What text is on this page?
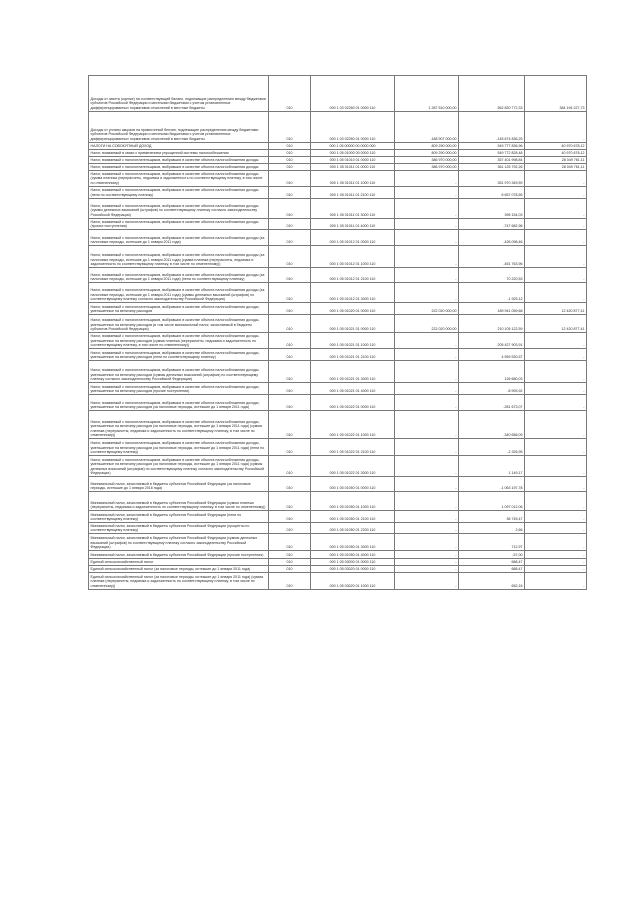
Доходы от зачета (оценке) на соответствующий баланс, подлежащие распределению между бюджетами субъектов Российской Федерации и местными бюджетами с учетом установленных дифференцированных нормативов отчислений в местные бюджеты	010	000 1 03 02260 01 0000 110	1 287 510 000,00	562 820 772,33	384 194 227,73
Доходы от уплаты акцизов на прямогонный бензин, подлежащие распределению между бюджетами субъектов Российской Федерации и местными бюджетами с учетом установленных дифференцированных нормативов отчислений в местные бюджеты	010	000 1 03 02260 01 0000 110	-188 907 000,00	-145 674 836,25	-
НАЛОГИ НА СОВОКУПНЫЙ ДОХОД	010	000 1 05 00000 00 0000 000	809 290 000,00	549 777 836,96	40 970 678,12
Налог, взимаемый в связи с применением упрощенной системы налогообложения	010	000 1 05 01000 00 0000 110	809 290 000,00	549 772 828,48	40 970 678,12
Налог, взимаемый с налогоплательщиков, выбравших в качестве объекта налогообложения доходы	010	000 1 05 01010 01 0000 110	386 970 000,00	357 401 998,84	28 049 761,11
Налог, взимаемый с налогоплательщиков, выбравших в качестве объекта налогообложения доходы	010	000 1 05 01011 01 0000 110	386 970 000,00	361 125 792,26	28 049 761,11
Налог, взимаемый с налогоплательщиков, выбравших в качестве объекта налогообложения доходы (сумма платежа (перерасчеты, недоимка и задолженность по соответствующему платежу, в том числе по отмененному)	010	000 1 05 01011 01 1000 110	-	351 970 349,59	-
Налог, взимаемый с налогоплательщиков, выбравших в качестве объекта налогообложения доходы (пени по соответствующему платежу)	010	000 1 05 01011 01 2100 110	-	6 657 078,55	-
Налог, взимаемый с налогоплательщиков, выбравших в качестве объекта налогообложения доходы (суммы денежных взысканий (штрафов) по соответствующему платежу согласно законодательству Российской Федерации)	010	000 1 05 01011 01 3000 110	-	395 154,03	-
Налог, взимаемый с налогоплательщиков, выбравших в качестве объекта налогообложения доходы (прочие поступления)	010	000 1 05 01011 01 4000 110	-	-747 682,96	-
Налог, взимаемый с налогоплательщиков, выбравших в качестве объекта налогообложения доходы (за налоговые периоды, истекшие до 1 января 2011 года)	010	000 1 05 01012 01 0000 110	-	-426 098,46	-
Налог, взимаемый с налогоплательщиков, выбравших в качестве объекта налогообложения доходы (за налоговые периоды, истекшие до 1 января 2011 года) (сумма платежа (перерасчеты, недоимка и задолженность по соответствующему платежу, в том числе по отмененному))	010	000 1 05 01012 01 1000 110	-	-451 763,96	-
Налог, взимаемый с налогоплательщиков, выбравших в качестве объекта налогообложения доходы (за налоговые периоды, истекшие до 1 января 2011 года) (пени по соответствующему платежу)	010	000 1 05 01012 01 2100 110	-	70 220,53	-
Налог, взимаемый с налогоплательщиков, выбравших в качестве объекта налогообложения доходы (за налоговые периоды, истекшие до 1 января 2011 года) (суммы денежных взысканий (штрафов) по соответствующему платежу согласно законодательству Российской Федерации)	010	000 1 05 01012 01 3000 110	-	-1 925,12	-
Налог, взимаемый с налогоплательщиков, выбравших в качестве объекта налогообложения доходы, уменьшенные на величину расходов	010	000 1 05 01020 01 0000 110	222 020 000,00	189 941 059,68	12 420 877,41
Налог, взимаемый с налогоплательщиков, выбравших в качестве объекта налогообложения доходы, уменьшенные на величину расходов (в том числе минимальный налог, зачисляемый в бюджеты субъектов Российской Федерации)	010	000 1 05 01021 01 0000 110	222 020 000,00	210 105 122,59	12 420 877,41
Налог, взимаемый с налогоплательщиков, выбравших в качестве объекта налогообложения доходы, уменьшенные на величину расходов (сумма платежа (перерасчеты, недоимка и задолженность по соответствующему платежу, в том числе по отмененному))	010	000 1 05 01021 01 1000 110	-	205 427 903,91	-
Налог, взимаемый с налогоплательщиков, выбравших в качестве объекта налогообложения доходы, уменьшенные на величину расходов (пени по соответствующему платежу)	010	000 1 05 01021 01 2100 110	-	4 559 530,57	-
Налог, взимаемый с налогоплательщиков, выбравших в качестве объекта налогообложения доходы, уменьшенные на величину расходов (суммы денежных взысканий (штрафов) по соответствующему платежу согласно законодательству Российской Федерации)	010	000 1 05 01021 01 3000 110	-	126 680,03	-
Налог, взимаемый с налогоплательщиков, выбравших в качестве объекта налогообложения доходы, уменьшенные на величину расходов (прочие поступления)	010	000 1 05 01021 01 4000 110	-	-8 993,92	-
Налог, взимаемый с налогоплательщиков, выбравших в качестве объекта налогообложения доходы, уменьшенные на величину расходов (за налоговые периоды, истекшие до 1 января 2011 года)	010	000 1 05 01022 01 0000 110	-	-281 673,07	-
Налог, взимаемый с налогоплательщиков, выбравших в качестве объекта налогообложения доходы, уменьшенные на величину расходов (за налоговые периоды, истекшие до 1 января 2011 года) (сумма платежа (перерасчеты, недоимка и задолженность по соответствующему платежу, в том числе по отмененному))	010	000 1 05 01022 01 1000 110	-	-340 656,09	-
Налог, взимаемый с налогоплательщиков, выбравших в качестве объекта налогообложения доходы, уменьшенные на величину расходов (за налоговые периоды, истекшие до 1 января 2011 года) (пени по соответствующему платежу)	010	000 1 05 01022 01 2100 110	-	-2 326,95	-
Налог, взимаемый с налогоплательщиков, выбравших в качестве объекта налогообложения доходы, уменьшенные на величину расходов (за налоговые периоды, истекшие до 1 января 2011 года) (суммы денежных взысканий (штрафов) по соответствующему платежу согласно законодательству Российской Федерации)	010	000 1 05 01022 01 3000 110	-	1 149,17	-
Минимальный налог, зачисляемый в бюджеты субъектов Российской Федерации (за налоговые периоды, истекшие до 1 января 2016 года)	010	000 1 05 01050 01 0000 110	-	-1 063 197,78	-
Минимальный налог, зачисляемый в бюджеты субъектов Российской Федерации (сумма платежа (перерасчеты, недоимка и задолженность по соответствующему платежу, в том числе по отмененному))	010	000 1 05 01050 01 1000 110	-	1 097 012,06	-
Минимальный налог, зачисляемый в бюджеты субъектов Российской Федерации (пени по соответствующему платежу)	010	000 1 05 01050 01 2100 110	-	36 745,47	-
Минимальный налог, зачисляемый в бюджеты субъектов Российской Федерации (проценты по соответствующему платежу)	010	000 1 05 01050 01 2200 110	-	2,66	-
Минимальный налог, зачисляемый в бюджеты субъектов Российской Федерации (суммы денежных взысканий (штрафов) по соответствующему платежу согласно законодательству Российской Федерации)	010	000 1 05 01050 01 3000 110	-	712,97	-
Минимальный налог, зачисляемый в бюджеты субъектов Российской Федерации (прочие поступления)	010	000 1 05 01050 01 4000 110	-	-57,00	-
Единый сельскохозяйственный налог	010	000 1 05 03000 01 0000 110	-	688,47	-
Единый сельскохозяйственный налог (за налоговые периоды, истекшие до 1 января 2011 года)	010	000 1 05 03020 01 0000 110	-	688,47	-
Единый сельскохозяйственный налог (за налоговые периоды, истекшие до 1 января 2011 года) (сумма платежа (перерасчеты, недоимка и задолженность по соответствующему платежу, в том числе по отмененному))	010	000 1 05 03020 01 1000 110	-	652,16	-
